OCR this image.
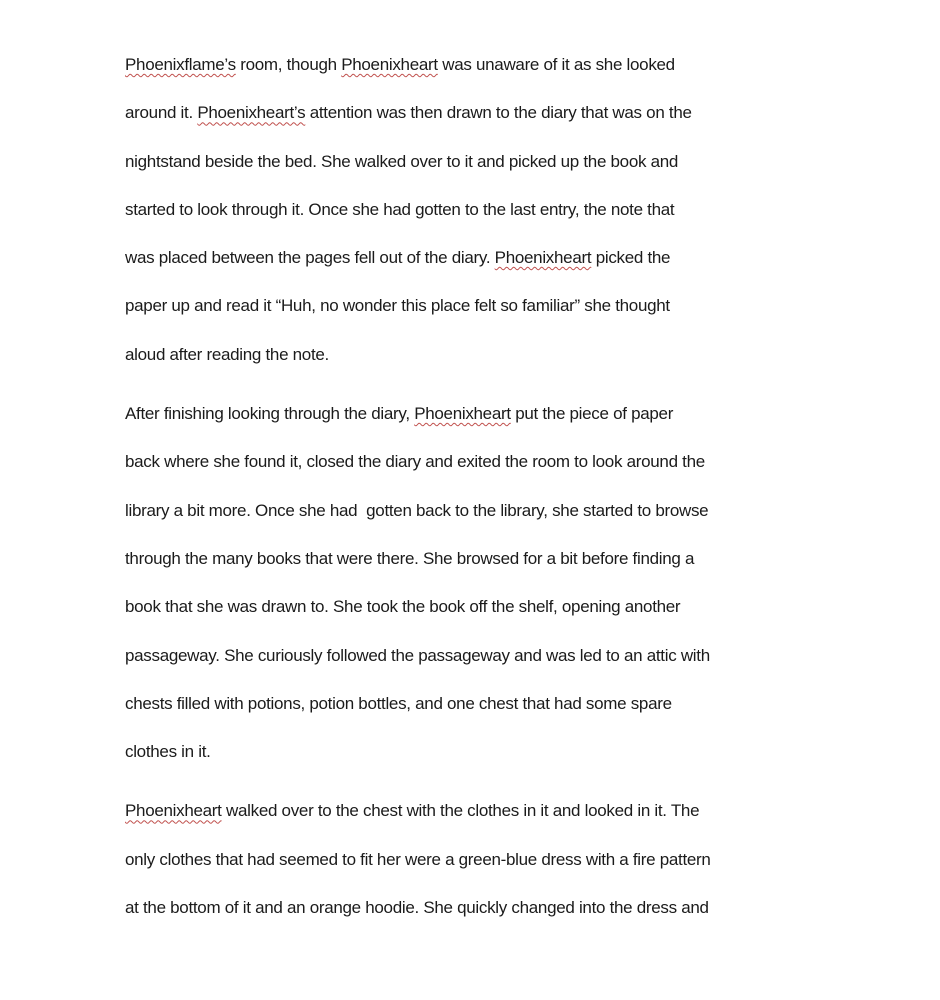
Phoenixflame’s room, though Phoenixheart was unaware of it as she looked
around it. Phoenixheart’s attention was then drawn to the diary that was on the
nightstand beside the bed. She walked over to it and picked up the book and
started to look through it. Once she had gotten to the last entry, the note that
was placed between the pages fell out of the diary. Phoenixheart picked the
paper up and read it “Huh, no wonder this place felt so familiar” she thought
aloud after reading the note.
After finishing looking through the diary, Phoenixheart put the piece of paper
back where she found it, closed the diary and exited the room to look around the
library a bit more. Once she had  gotten back to the library, she started to browse
through the many books that were there. She browsed for a bit before finding a
book that she was drawn to. She took the book off the shelf, opening another
passageway. She curiously followed the passageway and was led to an attic with
chests filled with potions, potion bottles, and one chest that had some spare
clothes in it.
Phoenixheart walked over to the chest with the clothes in it and looked in it. The
only clothes that had seemed to fit her were a green-blue dress with a fire pattern
at the bottom of it and an orange hoodie. She quickly changed into the dress and
